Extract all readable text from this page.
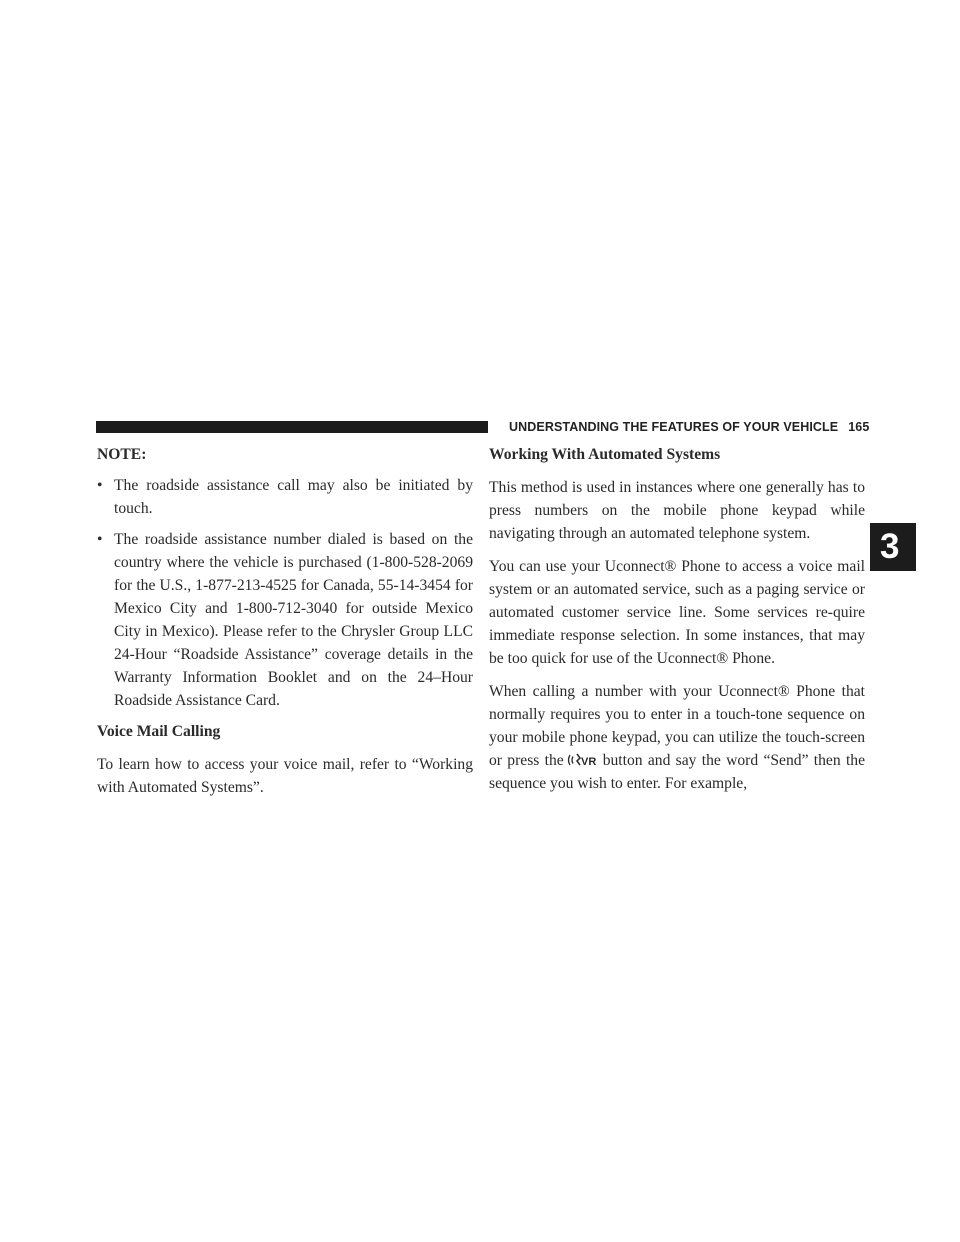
UNDERSTANDING THE FEATURES OF YOUR VEHICLE 165
3
NOTE:
• The roadside assistance call may also be initiated by touch.
• The roadside assistance number dialed is based on the country where the vehicle is purchased (1-800-528-2069 for the U.S., 1-877-213-4525 for Canada, 55-14-3454 for Mexico City and 1-800-712-3040 for outside Mexico City in Mexico). Please refer to the Chrysler Group LLC 24-Hour “Roadside Assistance” coverage details in the Warranty Information Booklet and on the 24–Hour Roadside Assistance Card.
Voice Mail Calling

To learn how to access your voice mail, refer to “Working with Automated Systems”.

Working With Automated Systems

This method is used in instances where one generally has to press numbers on the mobile phone keypad while navigating through an automated telephone system.

You can use your Uconnect® Phone to access a voice mail system or an automated service, such as a paging service or automated customer service line. Some services re-quire immediate response selection. In some instances, that may be too quick for use of the Uconnect® Phone.

When calling a number with your Uconnect® Phone that normally requires you to enter in a touch-tone sequence on your mobile phone keypad, you can utilize the touch-screen or press the VR button and say the word “Send” then the sequence you wish to enter. For example,
